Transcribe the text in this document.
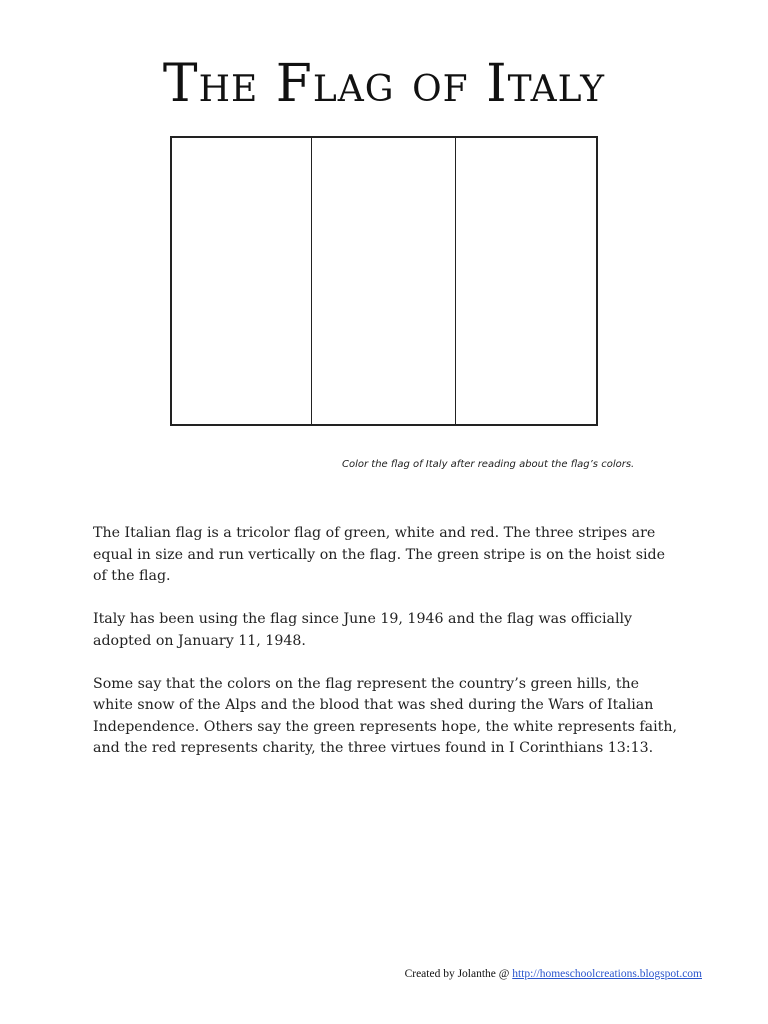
The Flag of Italy

Color the flag of Italy after reading about the flag’s colors.

The Italian flag is a tricolor flag of green, white and red. The three stripes are equal in size and run vertically on the flag. The green stripe is on the hoist side of the flag.

Italy has been using the flag since June 19, 1946 and the flag was officially adopted on January 11, 1948.

Some say that the colors on the flag represent the country’s green hills, the white snow of the Alps and the blood that was shed during the Wars of Italian Independence. Others say the green represents hope, the white represents faith, and the red represents charity, the three virtues found in I Corinthians 13:13.

Created by Jolanthe @ http://homeschoolcreations.blogspot.com
